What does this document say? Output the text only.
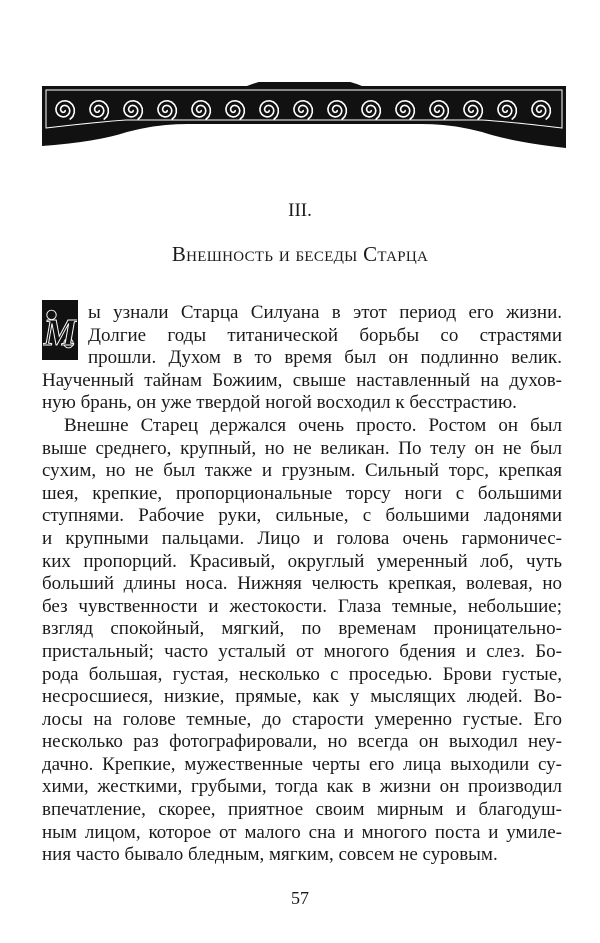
III.
Внешность и беседы Старца
М ы узнали Старца Силуана в этот период его жизни.
Долгие годы титанической борьбы со страстями
прошли. Духом в то время был он подлинно велик.
Наученный тайнам Божиим, свыше наставленный на духов-
ную брань, он уже твердой ногой восходил к бесстрастию.
Внешне Старец держался очень просто. Ростом он был
выше среднего, крупный, но не великан. По телу он не был
сухим, но не был также и грузным. Сильный торс, крепкая
шея, крепкие, пропорциональные торсу ноги с большими
ступнями. Рабочие руки, сильные, с большими ладонями
и крупными пальцами. Лицо и голова очень гармоничес-
ких пропорций. Красивый, округлый умеренный лоб, чуть
больший длины носа. Нижняя челюсть крепкая, волевая, но
без чувственности и жестокости. Глаза темные, небольшие;
взгляд спокойный, мягкий, по временам проницательно-
пристальный; часто усталый от многого бдения и слез. Бо-
рода большая, густая, несколько с проседью. Брови густые,
несросшиеся, низкие, прямые, как у мыслящих людей. Во-
лосы на голове темные, до старости умеренно густые. Его
несколько раз фотографировали, но всегда он выходил неу-
дачно. Крепкие, мужественные черты его лица выходили су-
хими, жесткими, грубыми, тогда как в жизни он производил
впечатление, скорее, приятное своим мирным и благодуш-
ным лицом, которое от малого сна и многого поста и умиле-
ния часто бывало бледным, мягким, совсем не суровым.
57
